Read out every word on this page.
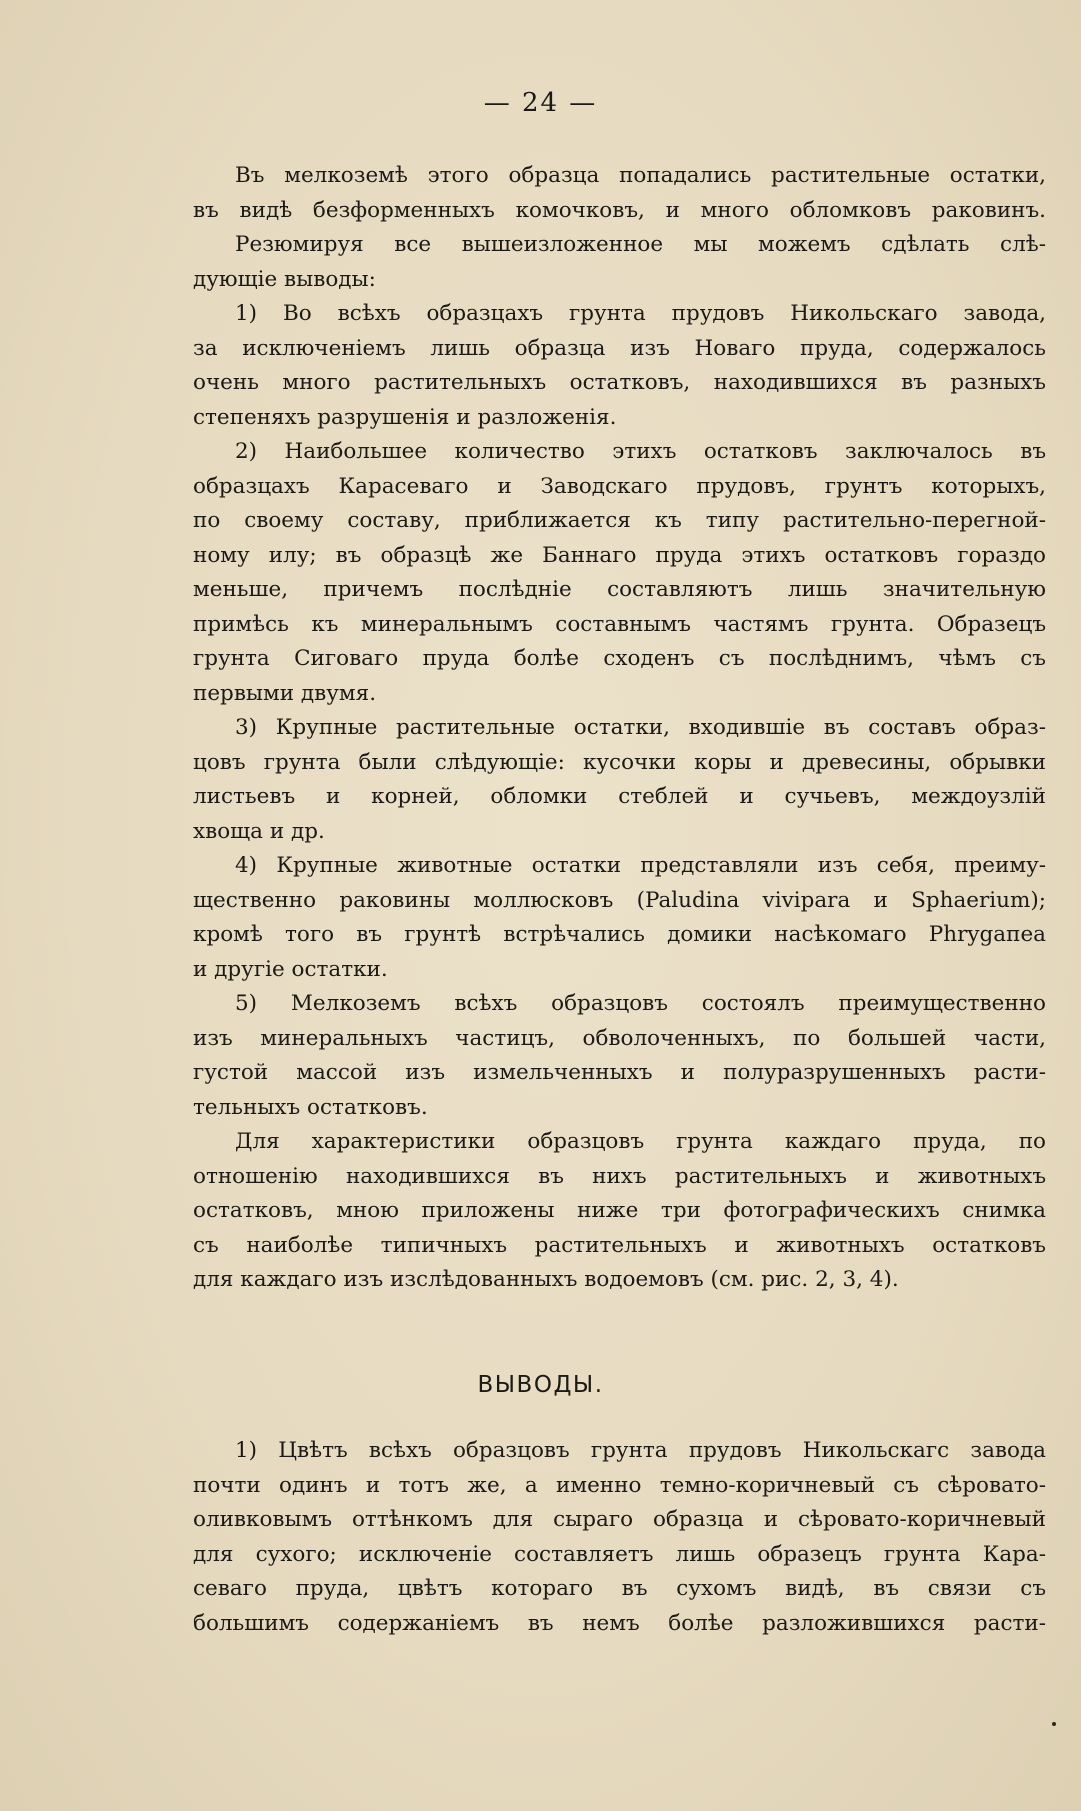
— 24 —
Въ мелкоземѣ этого образца попадались растительные остатки,
въ видѣ безформенныхъ комочковъ, и много обломковъ раковинъ.
Резюмируя все вышеизложенное мы можемъ сдѣлать слѣ-
дующіе выводы:
1) Во всѣхъ образцахъ грунта прудовъ Никольскаго завода,
за исключеніемъ лишь образца изъ Новаго пруда, содержалось
очень много растительныхъ остатковъ, находившихся въ разныхъ
степеняхъ разрушенія и разложенія.
2) Наибольшее количество этихъ остатковъ заключалось въ
образцахъ Карасеваго и Заводскаго прудовъ, грунтъ которыхъ,
по своему составу, приближается къ типу растительно-перегной-
ному илу; въ образцѣ же Баннаго пруда этихъ остатковъ гораздо
меньше, причемъ послѣдніе составляютъ лишь значительную
примѣсь къ минеральнымъ составнымъ частямъ грунта. Образецъ
грунта Сиговаго пруда болѣе сходенъ съ послѣднимъ, чѣмъ съ
первыми двумя.
3) Крупные растительные остатки, входившіе въ составъ образ-
цовъ грунта были слѣдующіе: кусочки коры и древесины, обрывки
листьевъ и корней, обломки стеблей и сучьевъ, междоузлій
хвоща и др.
4) Крупные животные остатки представляли изъ себя, преиму-
щественно раковины моллюсковъ (Paludina vivipara и Sphaerium);
кромѣ того въ грунтѣ встрѣчались домики насѣкомаго Phrygапеа
и другіе остатки.
5) Мелкоземъ всѣхъ образцовъ состоялъ преимущественно
изъ минеральныхъ частицъ, обволоченныхъ, по большей части,
густой массой изъ измельченныхъ и полуразрушенныхъ расти-
тельныхъ остатковъ.
Для характеристики образцовъ грунта каждаго пруда, по
отношенію находившихся въ нихъ растительныхъ и животныхъ
остатковъ, мною приложены ниже три фотографическихъ снимка
съ наиболѣе типичныхъ растительныхъ и животныхъ остатковъ
для каждаго изъ изслѣдованныхъ водоемовъ (см. рис. 2, 3, 4).
ВЫВОДЫ.
1) Цвѣтъ всѣхъ образцовъ грунта прудовъ Никольскагс завода
почти одинъ и тотъ же, а именно темно-коричневый съ сѣровато-
оливковымъ оттѣнкомъ для сыраго образца и сѣровато-коричневый
для сухого; исключеніе составляетъ лишь образецъ грунта Кара-
севаго пруда, цвѣтъ котораго въ сухомъ видѣ, въ связи съ
большимъ содержаніемъ въ немъ болѣе разложившихся расти-
